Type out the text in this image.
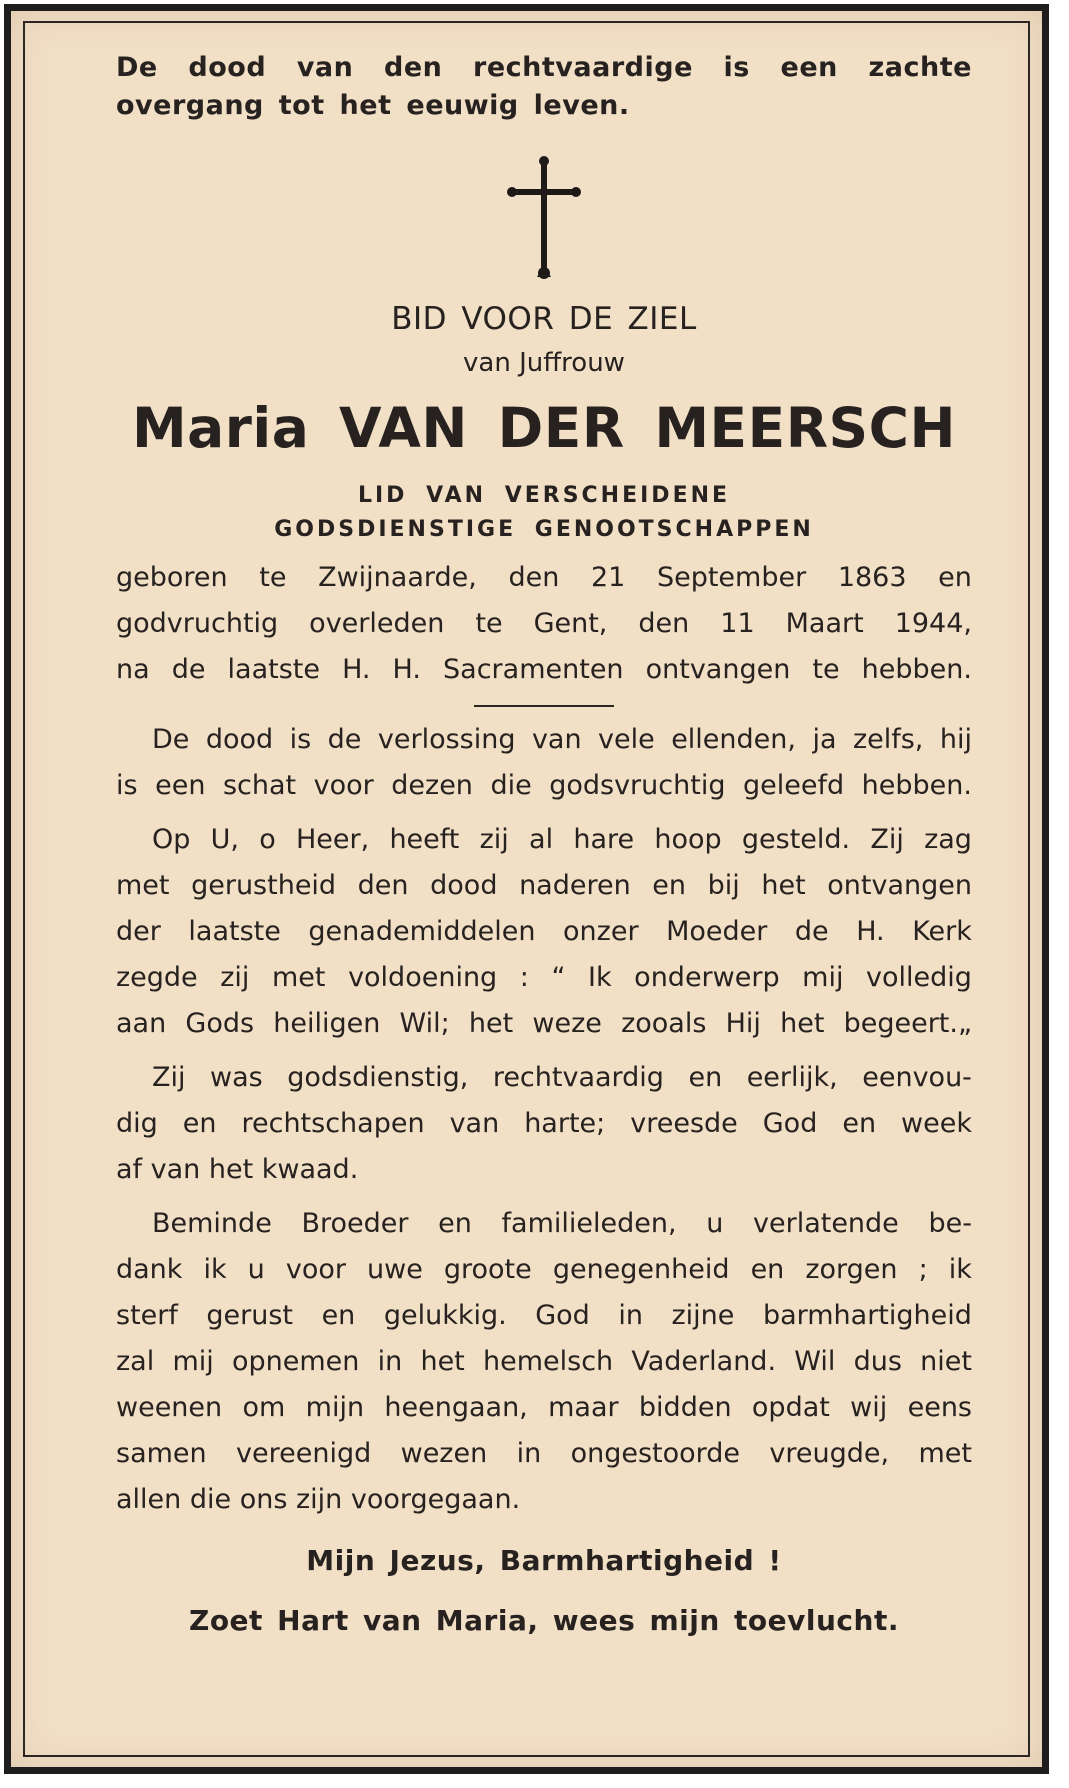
De dood van den rechtvaardige is een zachte
overgang tot het eeuwig leven.
BID VOOR DE ZIEL
van Juffrouw
Maria VAN DER MEERSCH
LID VAN VERSCHEIDENE
GODSDIENSTIGE GENOOTSCHAPPEN
geboren te Zwijnaarde, den 21 September 1863 en
godvruchtig overleden te Gent, den 11 Maart 1944,
na de laatste H. H. Sacramenten ontvangen te hebben.
De dood is de verlossing van vele ellenden, ja zelfs, hij
is een schat voor dezen die godsvruchtig geleefd hebben.
Op U, o Heer, heeft zij al hare hoop gesteld. Zij zag
met gerustheid den dood naderen en bij het ontvangen
der laatste genademiddelen onzer Moeder de H. Kerk
zegde zij met voldoening : “ Ik onderwerp mij volledig
aan Gods heiligen Wil; het weze zooals Hij het begeert.„
Zij was godsdienstig, rechtvaardig en eerlijk, eenvou-
dig en rechtschapen van harte; vreesde God en week
af van het kwaad.
Beminde Broeder en familieleden, u verlatende be-
dank ik u voor uwe groote genegenheid en zorgen ; ik
sterf gerust en gelukkig. God in zijne barmhartigheid
zal mij opnemen in het hemelsch Vaderland. Wil dus niet
weenen om mijn heengaan, maar bidden opdat wij eens
samen vereenigd wezen in ongestoorde vreugde, met
allen die ons zijn voorgegaan.
Mijn Jezus, Barmhartigheid !
Zoet Hart van Maria, wees mijn toevlucht.
